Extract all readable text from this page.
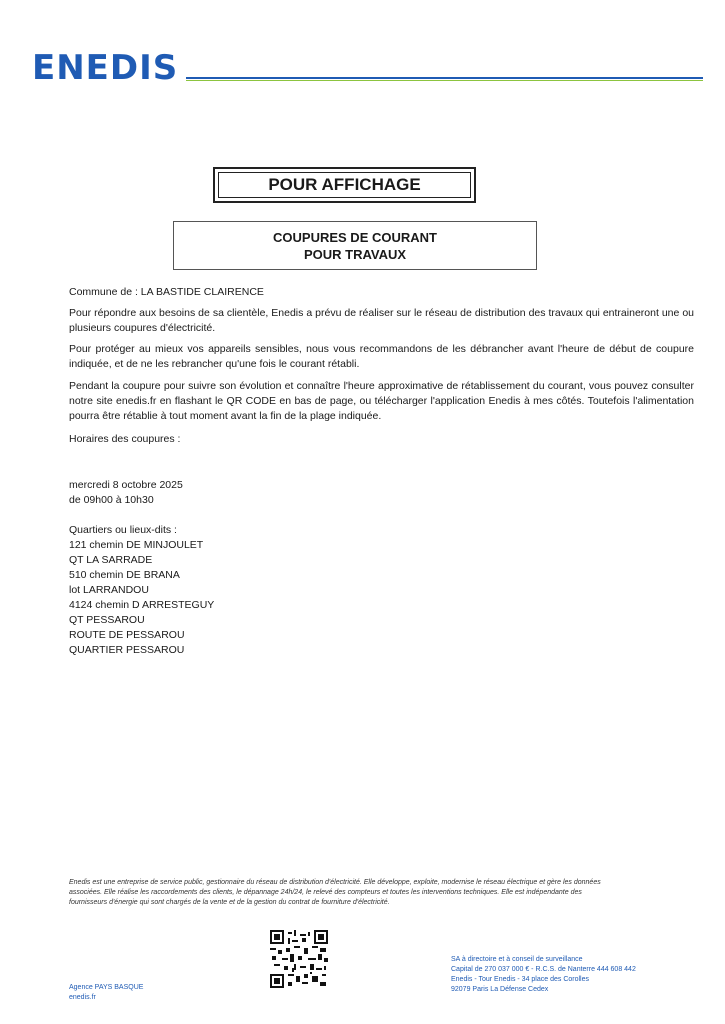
ENEDIS
POUR AFFICHAGE
COUPURES DE COURANT
POUR TRAVAUX
Commune de : LA BASTIDE CLAIRENCE
Pour répondre aux besoins de sa clientèle, Enedis a prévu de réaliser sur le réseau de distribution des travaux qui entraineront une ou plusieurs coupures d'électricité.
Pour protéger au mieux vos appareils sensibles, nous vous recommandons de les débrancher avant l'heure de début de coupure indiquée, et de ne les rebrancher qu'une fois le courant rétabli.
Pendant la coupure pour suivre son évolution et connaître l'heure approximative de rétablissement du courant, vous pouvez consulter notre site enedis.fr en flashant le QR CODE en bas de page, ou télécharger l'application Enedis à mes côtés. Toutefois l'alimentation pourra être rétablie à tout moment avant la fin de la plage indiquée.
Horaires des coupures :
mercredi 8 octobre 2025
de 09h00 à 10h30
Quartiers ou lieux-dits :
121 chemin DE MINJOULET
QT LA SARRADE
510 chemin DE BRANA
lot LARRANDOU
4124 chemin D ARRESTEGUY
QT PESSAROU
ROUTE DE PESSAROU
QUARTIER PESSAROU
Enedis est une entreprise de service public, gestionnaire du réseau de distribution d'électricité. Elle développe, exploite, modernise le réseau électrique et gère les données
associées. Elle réalise les raccordements des clients, le dépannage 24h/24, le relevé des compteurs et toutes les interventions techniques. Elle est indépendante des
fournisseurs d'énergie qui sont chargés de la vente et de la gestion du contrat de fourniture d'électricité.
SA à directoire et à conseil de surveillance
Capital de 270 037 000 € - R.C.S. de Nanterre 444 608 442
Enedis - Tour Enedis - 34 place des Corolles
92079 Paris La Défense Cedex
Agence PAYS BASQUE
enedis.fr
